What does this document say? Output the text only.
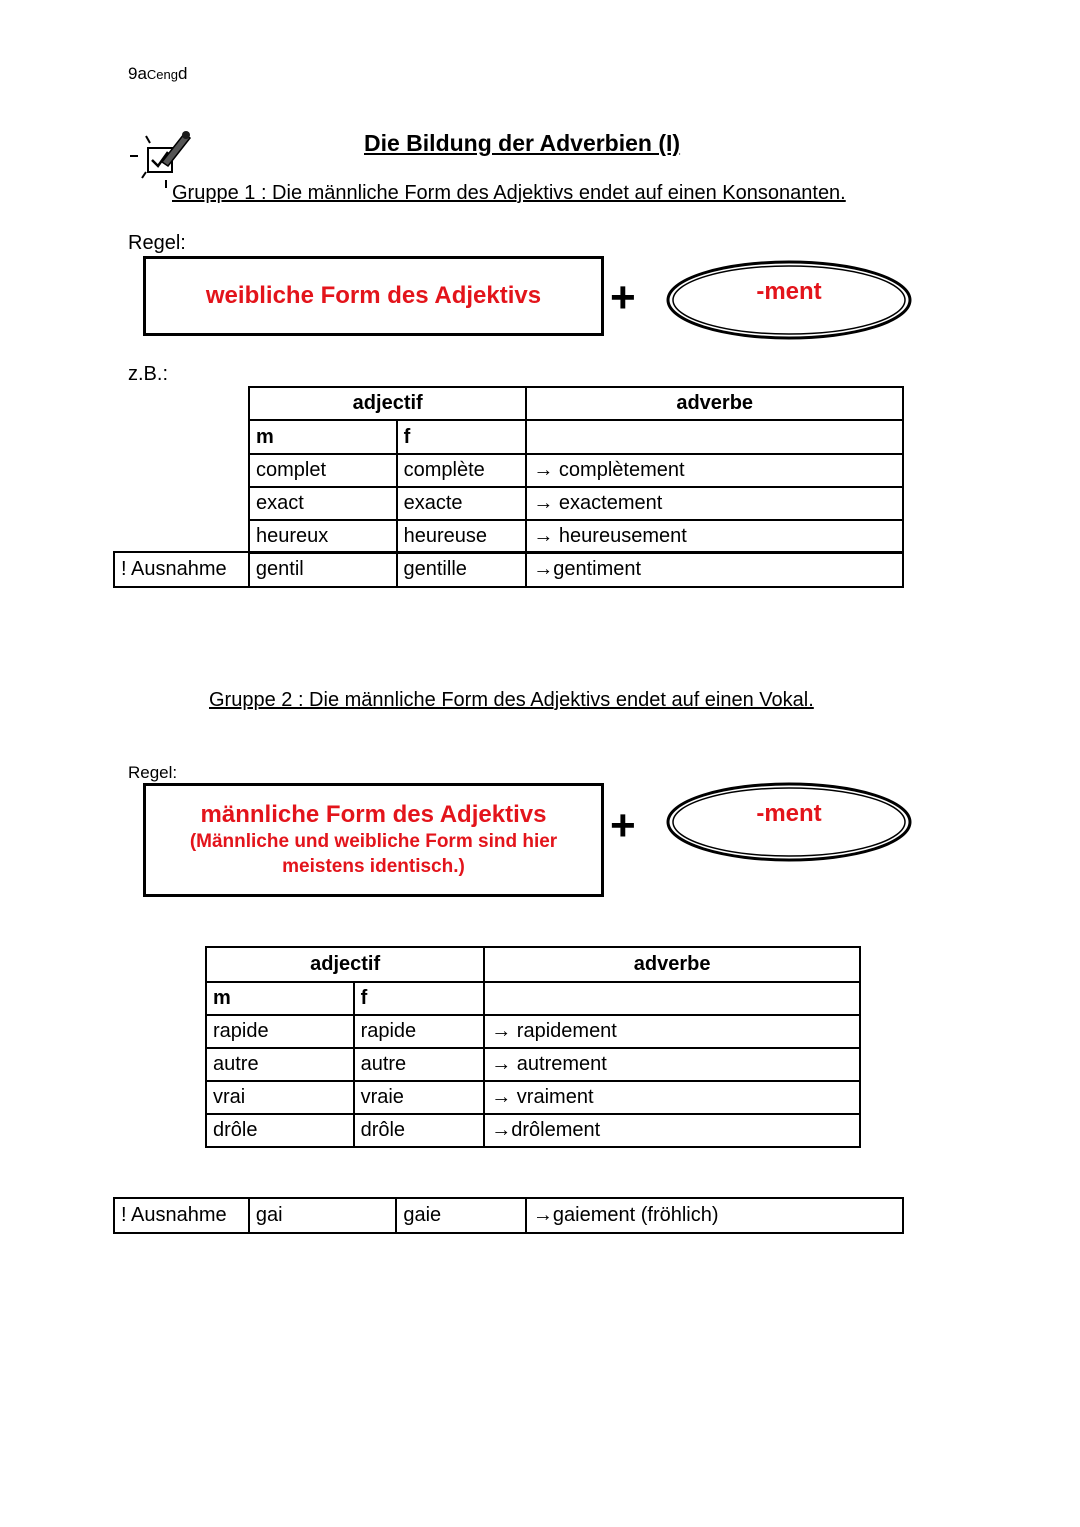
9aCengd
Die Bildung der Adverbien (I)
Gruppe 1 : Die männliche Form des Adjektivs endet auf einen Konsonanten.
Regel:
weibliche Form des Adjektivs +	-ment
z.B.:
adjectif		adverbe
m	f	
complet	complète	→ complètement
exact	exacte	→ exactement
heureux	heureuse	→ heureusement
! Ausnahme	gentil	gentille	→gentiment
Gruppe 2 : Die männliche Form des Adjektivs endet auf einen Vokal.
Regel:
männliche Form des Adjektivs
(Männliche und weibliche Form sind hier meistens identisch.)
+	-ment
adjectif		adverbe
m	f	
rapide	rapide	→ rapidement
autre	autre	→ autrement
vrai	vraie	→ vraiment
drôle	drôle	→drôlement
! Ausnahme	gai	gaie	→gaiement (fröhlich)
